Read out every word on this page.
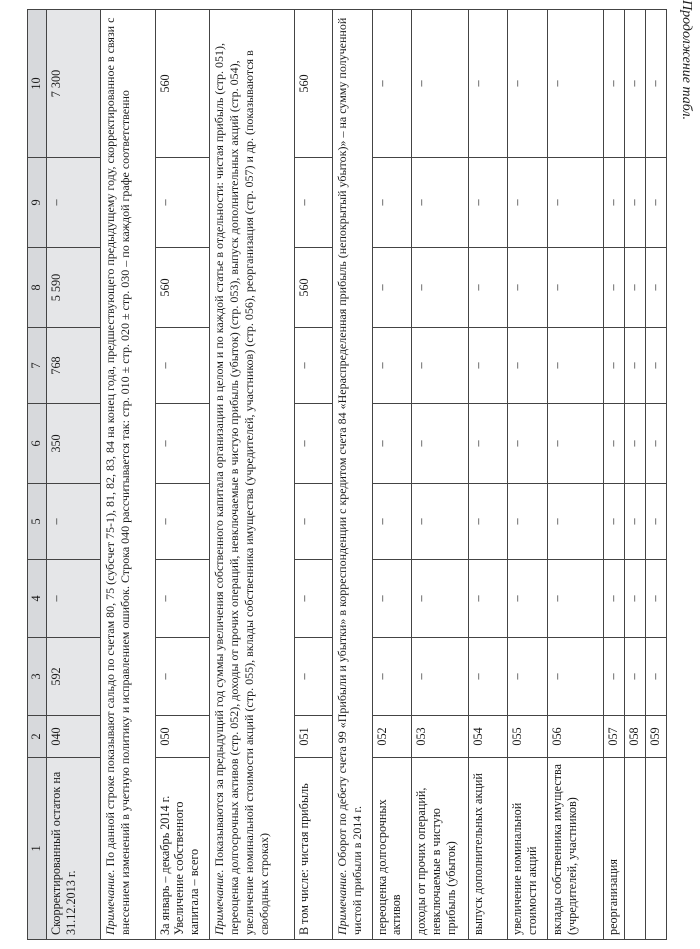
Продолжение табл.
1	2	3	4	5	6	7	8	9	10
Скорректированный остаток на 31.12.2013 г.	040	592	–	–	350	768	5 590	–	7 300
Примечание. По данной строке показывают сальдо по счетам 80, 75 (субсчет 75-1), 81, 82, 83, 84 на конец года, предшествующего предыдущему году, скорректированное в связи с внесением изменений в учетную политику и исправлением ошибок. Строка 040 рассчитывается так: стр. 010 ± стр. 020 ± стр. 030 – по каждой графе соответственно									
За январь – декабрь 2014 г. Увеличение собственного капитала – всего	050	–	–	–	–	–	560	–	560
Примечание. Показываются за предыдущий год суммы увеличения собственного капитала организации в целом и по каждой статье в отдельности: чистая прибыль (стр. 051), переоценка долгосрочных активов (стр. 052), доходы от прочих операций, невключаемые в чистую прибыль (убыток) (стр. 053), выпуск дополнительных акций (стр. 054), увеличение номинальной стоимости акций (стр. 055), вклады собственника имущества (учредителей, участников) (стр. 056), реорганизация (стр. 057) и др. (показываются в свободных строках)									
В том числе: чистая прибыль	051	–	–	–	–	–	560	–	560
Примечание. Оборот по дебету счета 99 «Прибыли и убытки» в корреспонденции с кредитом счета 84 «Нераспределенная прибыль (непокрытый убыток)» – на сумму полученной чистой прибыли в 2014 г.									
переоценка долгосрочных активов	052	–	–	–	–	–	–	–	–
доходы от прочих операций, невключаемые в чистую прибыль (убыток)	053	–	–	–	–	–	–	–	–
выпуск дополнительных акций	054	–	–	–	–	–	–	–	–
увеличение номинальной стоимости акций	055	–	–	–	–	–	–	–	–
вклады собственника имущества (учредителей, участников)	056	–	–	–	–	–	–	–	–
реорганизация	057	–	–	–	–	–	–	–	–
	058	–	–	–	–	–	–	–	–
	059	–	–	–	–	–	–	–	–
